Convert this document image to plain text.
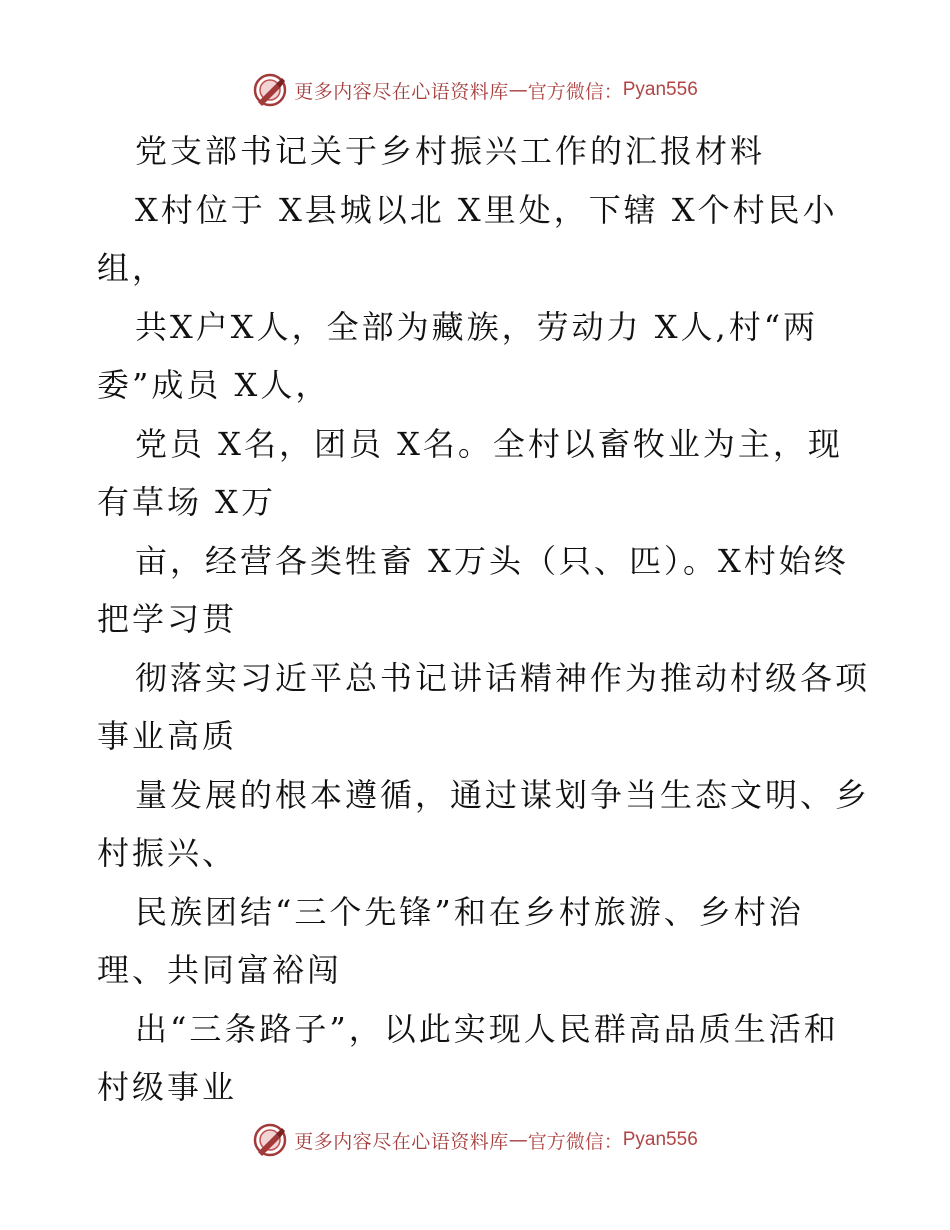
更多内容尽在心语资料库 — 官方微信： Pyan556
党支部书记关于乡村振兴工作的汇报材料
X村位于 X县城以北 X里处，下辖 X个村民小
组，
共X户X人，全部为藏族，劳动力 X人,村“两
委”成员 X人，
党员 X名，团员 X名。全村以畜牧业为主，现
有草场 X万
亩，经营各类牲畜 X万头（只、匹）。X村始终
把学习贯
彻落实习近平总书记讲话精神作为推动村级各项
事业高质
量发展的根本遵循，通过谋划争当生态文明、乡
村振兴、
民族团结“三个先锋”和在乡村旅游、乡村治
理、共同富裕闯
出“三条路子”，以此实现人民群高品质生活和
村级事业
更多内容尽在心语资料库 — 官方微信： Pyan556
